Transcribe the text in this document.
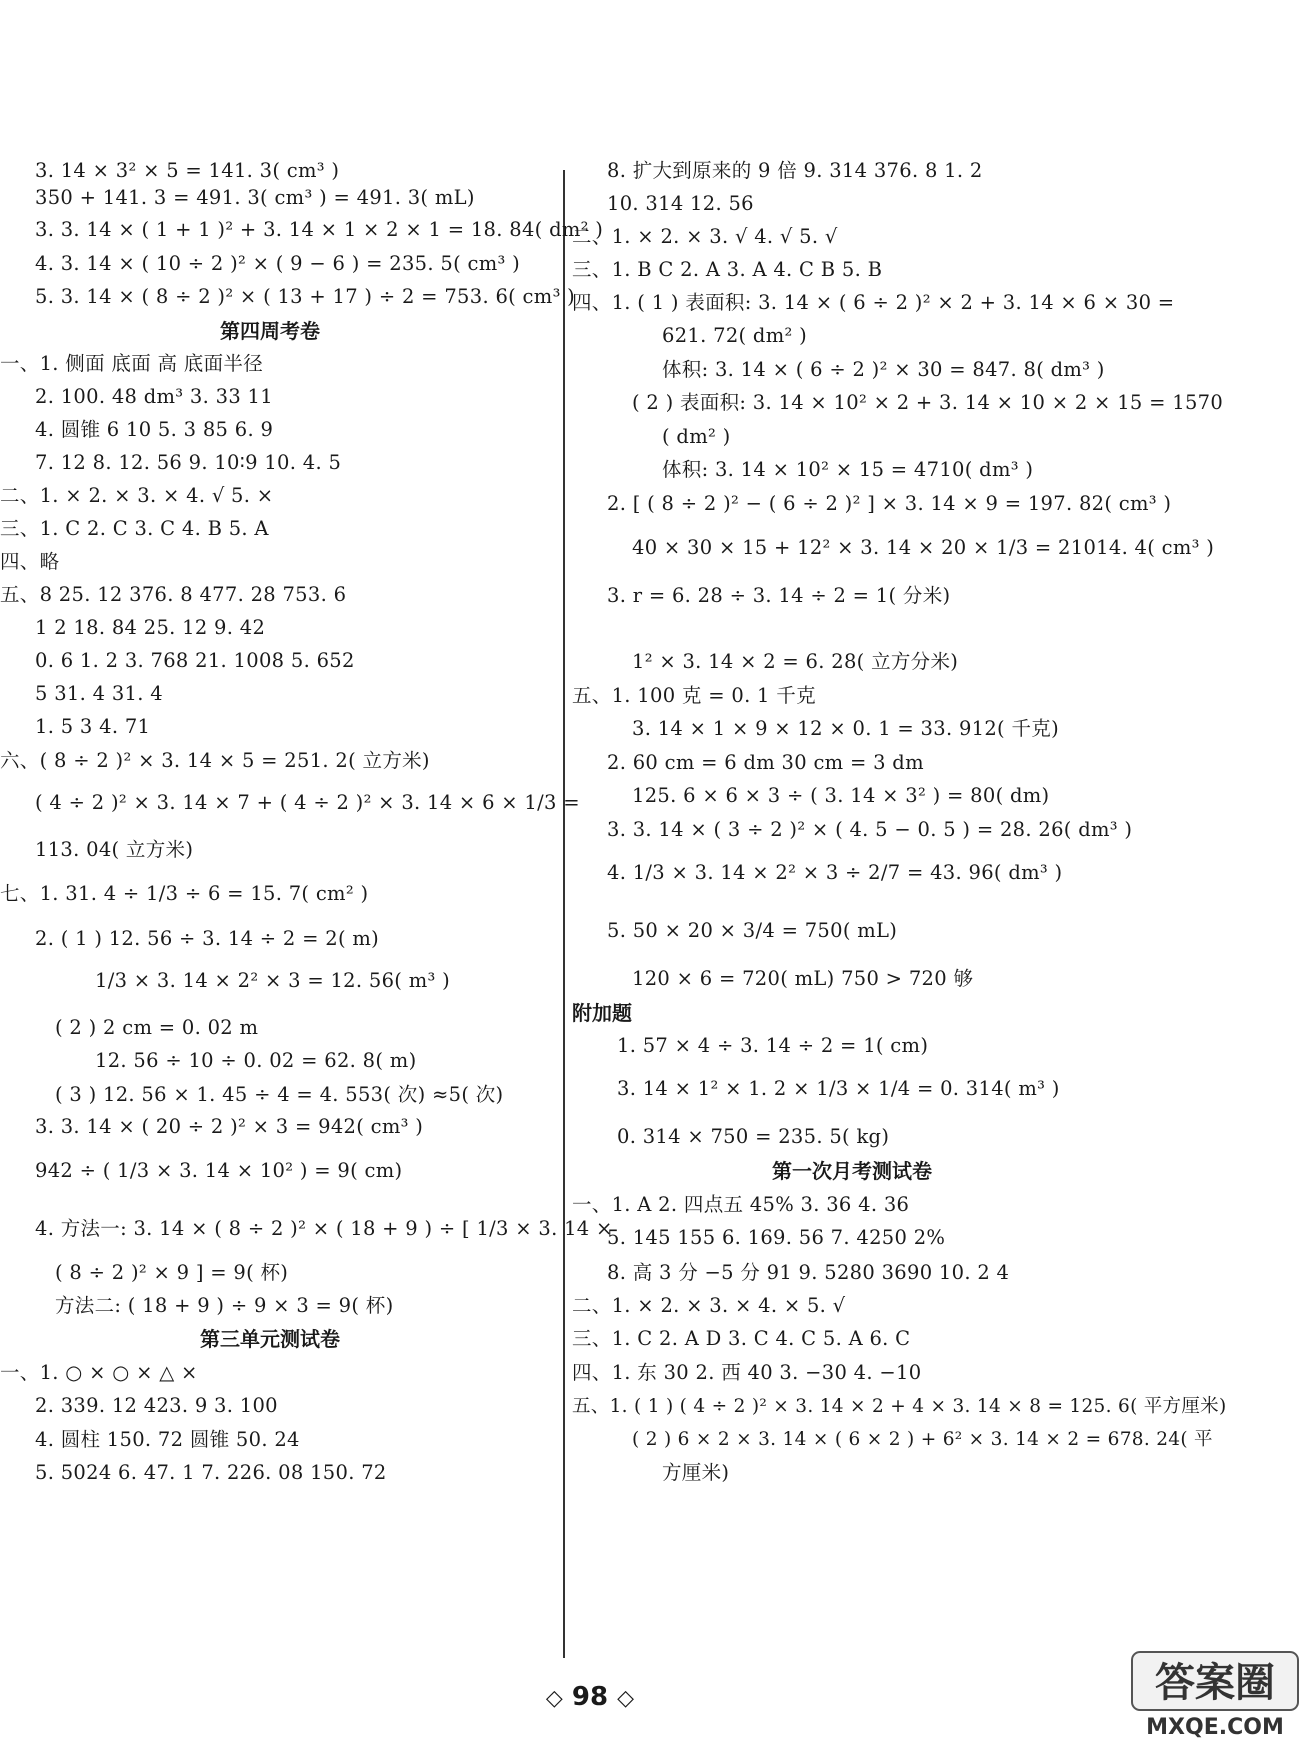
3. 14 × 3² × 5 = 141. 3( cm³ )
350 + 141. 3 = 491. 3( cm³ ) = 491. 3( mL)
3. 3. 14 × ( 1 + 1 )² + 3. 14 × 1 × 2 × 1 = 18. 84( dm² )
4. 3. 14 × ( 10 ÷ 2 )² × ( 9 − 6 ) = 235. 5( cm³ )
5. 3. 14 × ( 8 ÷ 2 )² × ( 13 + 17 ) ÷ 2 = 753. 6( cm³ )
第四周考卷
一、1. 侧面 底面 高 底面半径
2. 100. 48 dm³ 3. 33 11
4. 圆锥 6 10 5. 3 85 6. 9
7. 12 8. 12. 56 9. 10∶9 10. 4. 5
二、1. × 2. × 3. × 4. √ 5. ×
三、1. C 2. C 3. C 4. B 5. A
四、略
五、8 25. 12 376. 8 477. 28 753. 6
1 2 18. 84 25. 12 9. 42
0. 6 1. 2 3. 768 21. 1008 5. 652
5 31. 4 31. 4
1. 5 3 4. 71
六、( 8 ÷ 2 )² × 3. 14 × 5 = 251. 2( 立方米)
( 4 ÷ 2 )² × 3. 14 × 7 + ( 4 ÷ 2 )² × 3. 14 × 6 × 1/3 =
113. 04( 立方米)
七、1. 31. 4 ÷ 1/3 ÷ 6 = 15. 7( cm² )
2. ( 1 ) 12. 56 ÷ 3. 14 ÷ 2 = 2( m)
1/3 × 3. 14 × 2² × 3 = 12. 56( m³ )
( 2 ) 2 cm = 0. 02 m
12. 56 ÷ 10 ÷ 0. 02 = 62. 8( m)
( 3 ) 12. 56 × 1. 45 ÷ 4 = 4. 553( 次) ≈5( 次)
3. 3. 14 × ( 20 ÷ 2 )² × 3 = 942( cm³ )
942 ÷ ( 1/3 × 3. 14 × 10² ) = 9( cm)
4. 方法一: 3. 14 × ( 8 ÷ 2 )² × ( 18 + 9 ) ÷ [ 1/3 × 3. 14 ×
( 8 ÷ 2 )² × 9 ] = 9( 杯)
方法二: ( 18 + 9 ) ÷ 9 × 3 = 9( 杯)
第三单元测试卷
一、1. ○ × ○ × △ ×
2. 339. 12 423. 9 3. 100
4. 圆柱 150. 72 圆锥 50. 24
5. 5024 6. 47. 1 7. 226. 08 150. 72
8. 扩大到原来的 9 倍 9. 314 376. 8 1. 2
10. 314 12. 56
二、1. × 2. × 3. √ 4. √ 5. √
三、1. B C 2. A 3. A 4. C B 5. B
四、1. ( 1 ) 表面积: 3. 14 × ( 6 ÷ 2 )² × 2 + 3. 14 × 6 × 30 =
621. 72( dm² )
体积: 3. 14 × ( 6 ÷ 2 )² × 30 = 847. 8( dm³ )
( 2 ) 表面积: 3. 14 × 10² × 2 + 3. 14 × 10 × 2 × 15 = 1570
( dm² )
体积: 3. 14 × 10² × 15 = 4710( dm³ )
2. [ ( 8 ÷ 2 )² − ( 6 ÷ 2 )² ] × 3. 14 × 9 = 197. 82( cm³ )
40 × 30 × 15 + 12² × 3. 14 × 20 × 1/3 = 21014. 4( cm³ )
3. r = 6. 28 ÷ 3. 14 ÷ 2 = 1( 分米)
1² × 3. 14 × 2 = 6. 28( 立方分米)
五、1. 100 克 = 0. 1 千克
3. 14 × 1 × 9 × 12 × 0. 1 = 33. 912( 千克)
2. 60 cm = 6 dm 30 cm = 3 dm
125. 6 × 6 × 3 ÷ ( 3. 14 × 3² ) = 80( dm)
3. 3. 14 × ( 3 ÷ 2 )² × ( 4. 5 − 0. 5 ) = 28. 26( dm³ )
4. 1/3 × 3. 14 × 2² × 3 ÷ 2/7 = 43. 96( dm³ )
5. 50 × 20 × 3/4 = 750( mL)
120 × 6 = 720( mL) 750 > 720 够
附加题
1. 57 × 4 ÷ 3. 14 ÷ 2 = 1( cm)
3. 14 × 1² × 1. 2 × 1/3 × 1/4 = 0. 314( m³ )
0. 314 × 750 = 235. 5( kg)
第一次月考测试卷
一、1. A 2. 四点五 45% 3. 36 4. 36
5. 145 155 6. 169. 56 7. 4250 2%
8. 高 3 分 −5 分 91 9. 5280 3690 10. 2 4
二、1. × 2. × 3. × 4. × 5. √
三、1. C 2. A D 3. C 4. C 5. A 6. C
四、1. 东 30 2. 西 40 3. −30 4. −10
五、1. ( 1 ) ( 4 ÷ 2 )² × 3. 14 × 2 + 4 × 3. 14 × 8 = 125. 6( 平方厘米)
( 2 ) 6 × 2 × 3. 14 × ( 6 × 2 ) + 6² × 3. 14 × 2 = 678. 24( 平
方厘米)
◇ 98 ◇	答案圈
MXQE.COM
